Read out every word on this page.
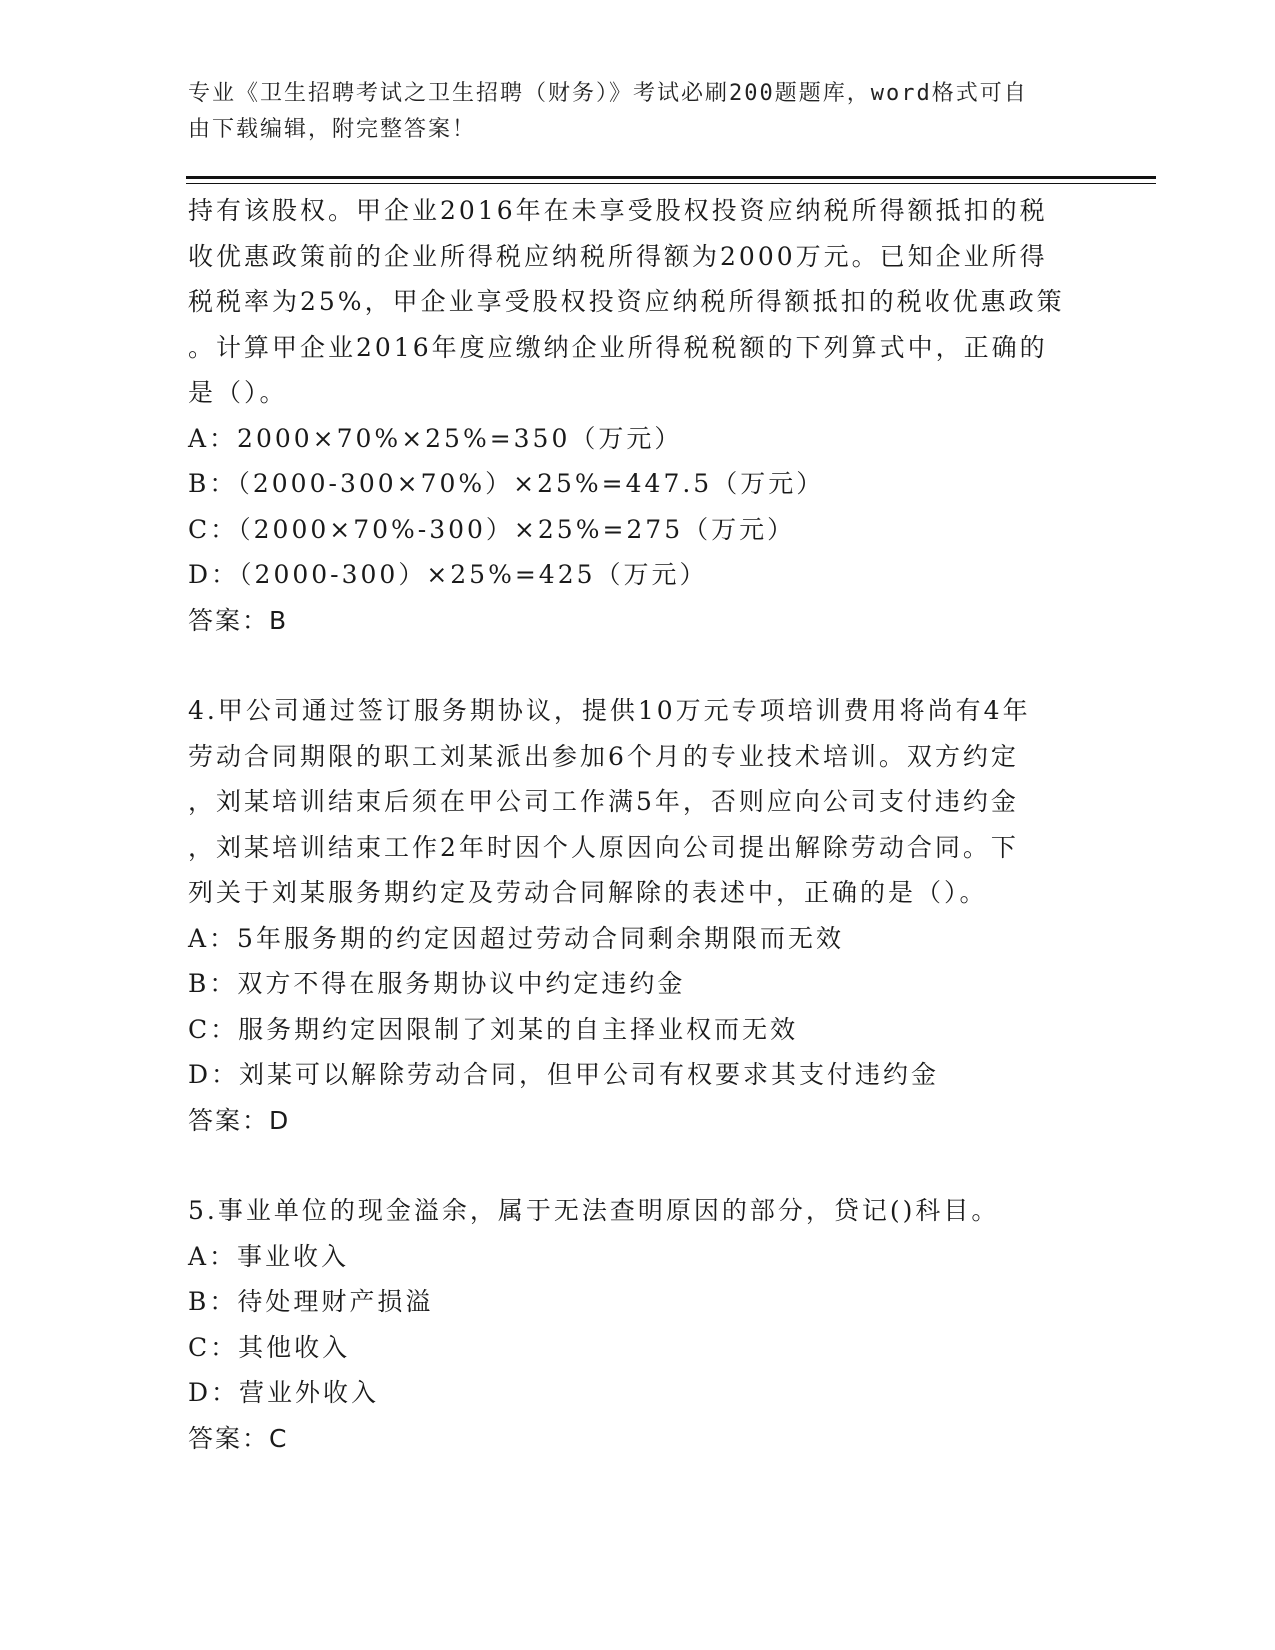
专业《卫生招聘考试之卫生招聘（财务）》考试必刷200题题库，word格式可自
由下载编辑，附完整答案！

持有该股权。甲企业2016年在未享受股权投资应纳税所得额抵扣的税

收优惠政策前的企业所得税应纳税所得额为2000万元。已知企业所得

税税率为25%，甲企业享受股权投资应纳税所得额抵扣的税收优惠政策

。计算甲企业2016年度应缴纳企业所得税税额的下列算式中，正确的

是（）。

A：2000×70%×25%=350（万元）

B：（2000-300×70%）×25%=447.5（万元）

C：（2000×70%-300）×25%=275（万元）

D：（2000-300）×25%=425（万元）

答案：B

4.甲公司通过签订服务期协议，提供10万元专项培训费用将尚有4年

劳动合同期限的职工刘某派出参加6个月的专业技术培训。双方约定

，刘某培训结束后须在甲公司工作满5年，否则应向公司支付违约金

，刘某培训结束工作2年时因个人原因向公司提出解除劳动合同。下

列关于刘某服务期约定及劳动合同解除的表述中，正确的是（）。

A：5年服务期的约定因超过劳动合同剩余期限而无效

B：双方不得在服务期协议中约定违约金

C：服务期约定因限制了刘某的自主择业权而无效

D：刘某可以解除劳动合同，但甲公司有权要求其支付违约金

答案：D

5.事业单位的现金溢余，属于无法查明原因的部分，贷记()科目。

A：事业收入

B：待处理财产损溢

C：其他收入

D：营业外收入

答案：C
